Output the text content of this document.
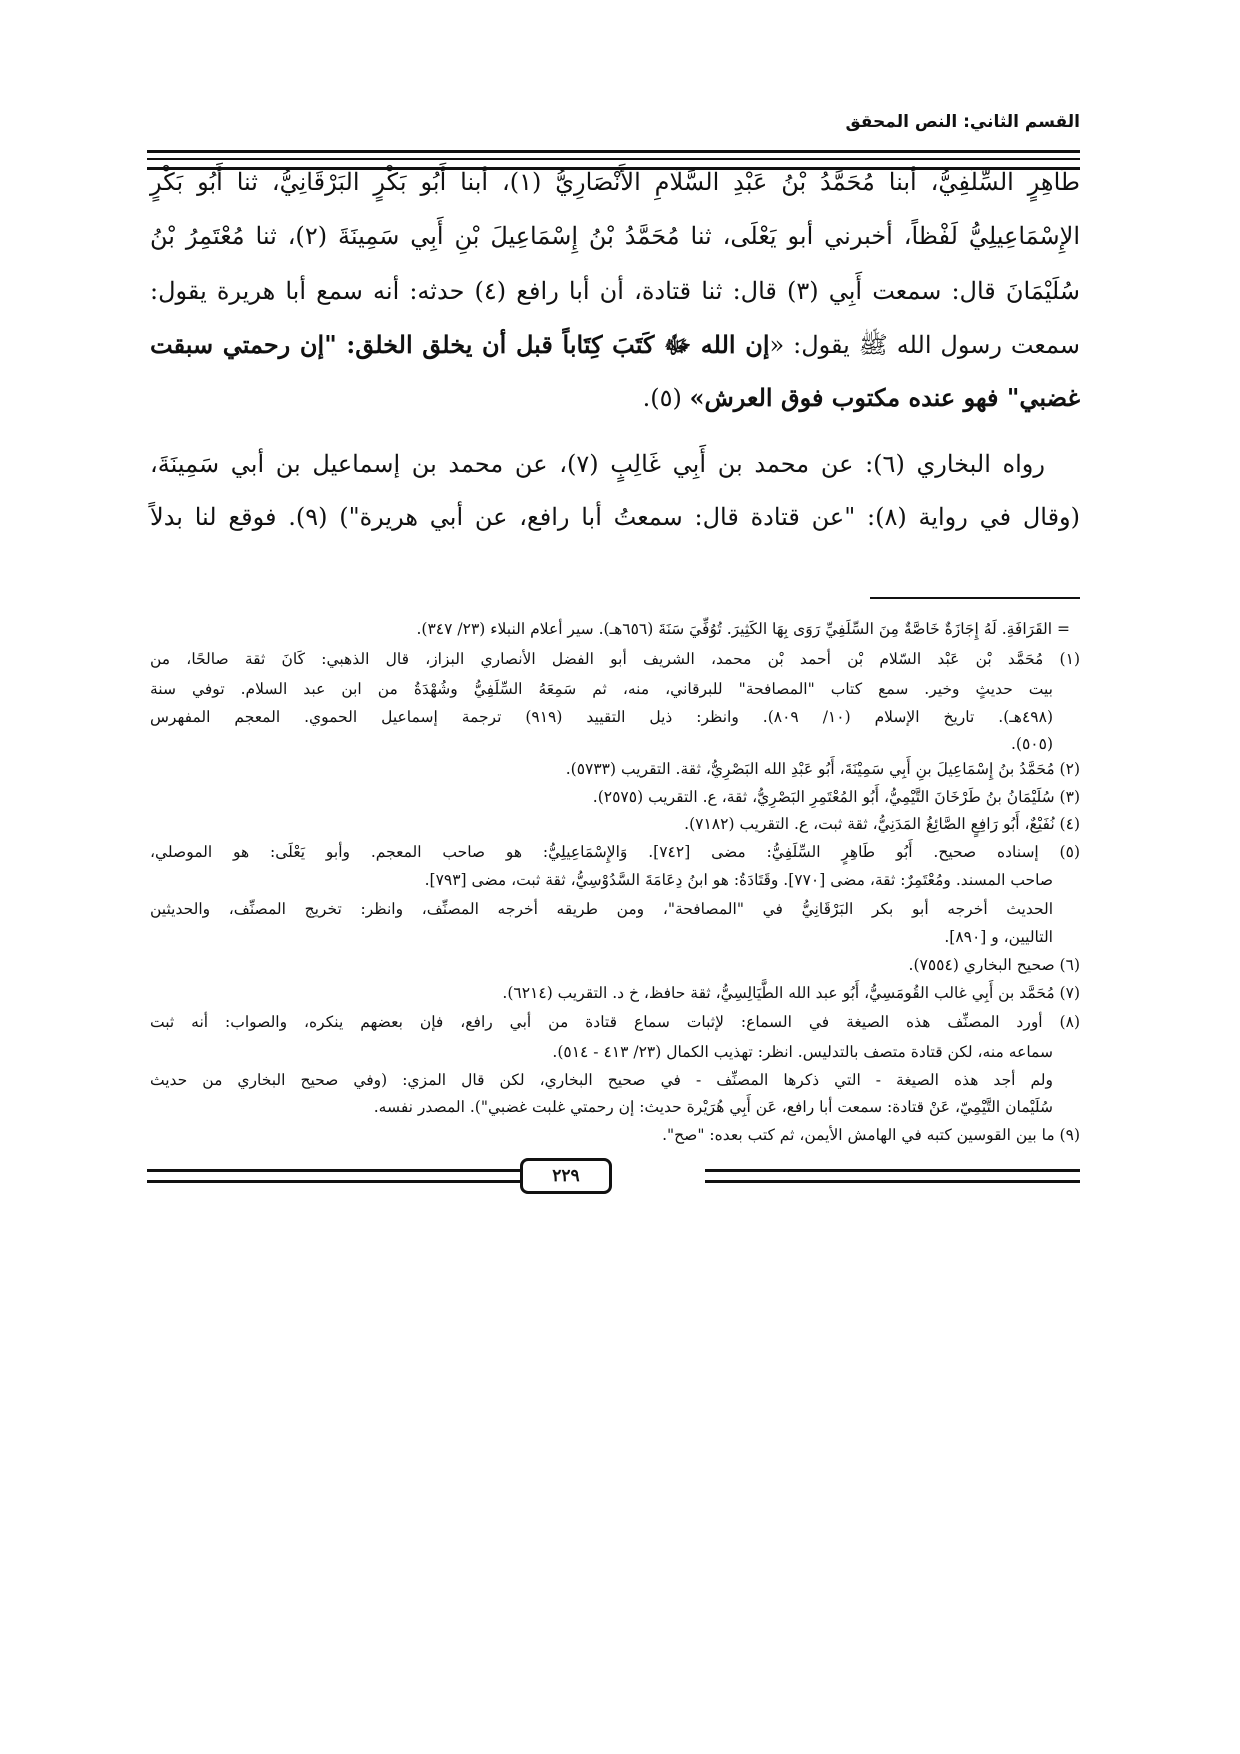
القسم الثاني: النص المحقق
طَاهِرٍ السِّلَفِيُّ، أبنا مُحَمَّدُ بْنُ عَبْدِ السَّلَامِ الأَنْصَارِيُّ (١)، أبنا أَبُو بَكْرٍ البَرْقَانِيُّ، ثنا أَبُو بَكْرٍ
الإِسْمَاعِيلِيُّ لَفْظاً، أخبرني أبو يَعْلَى، ثنا مُحَمَّدُ بْنُ إِسْمَاعِيلَ بْنِ أَبِي سَمِينَةَ (٢)، ثنا مُعْتَمِرُ بْنُ
سُلَيْمَانَ قال: سمعت أَبِي (٣) قال: ثنا قتادة، أن أبا رافع (٤) حدثه: أنه سمع أبا هريرة يقول:
سمعت رسول الله ﷺ يقول: «إن الله ﷻ كَتَبَ كِتَاباً قبل أن يخلق الخلق: "إن رحمتي سبقت
غضبي" فهو عنده مكتوب فوق العرش» (٥).
رواه البخاري (٦): عن محمد بن أَبِي غَالِبٍ (٧)، عن محمد بن إسماعيل بن أبي سَمِينَةَ،
(وقال في رواية (٨): "عن قتادة قال: سمعتُ أبا رافع، عن أبي هريرة") (٩). فوقع لنا بدلاً
= القَرَافَةِ. لَهُ إِجَازَةٌ خَاصَّةٌ مِنَ السِّلَفِيِّ رَوَى بِهَا الكَثِيرَ. تُوُفِّيَ سَنَةَ (٦٥٦هـ). سير أعلام النبلاء (٢٣/ ٣٤٧).
(١) مُحَمَّد بْن عَبْد السّلام بْن أحمد بْن محمد، الشريف أبو الفضل الأنصاري البزاز، قال الذهبي: كَانَ ثقة صالحًا، من
بيت حديثٍ وخير. سمع كتاب "المصافحة" للبرقاني، منه، ثم سَمِعَهُ السِّلَفِيُّ وشُهْدَةُ من ابن عبد السلام. توفي سنة
(٤٩٨هـ). تاريخ الإسلام (١٠/ ٨٠٩). وانظر: ذيل التقييد (٩١٩) ترجمة إسماعيل الحموي. المعجم المفهرس
(٥٠٥).
(٢) مُحَمَّدُ بنُ إِسْمَاعِيلَ بنِ أَبِي سَمِيْنَةَ، أَبُو عَبْدِ الله البَصْرِيُّ، ثقة. التقريب (٥٧٣٣).
(٣) سُلَيْمَانُ بنُ طَرْخَانَ التَّيْمِيُّ، أَبُو المُعْتَمِرِ البَصْرِيُّ، ثقة، ع. التقريب (٢٥٧٥).
(٤) نُفَيْعٌ، أَبُو رَافِعٍ الصَّائِغُ المَدَنِيُّ، ثقة ثبت، ع. التقريب (٧١٨٢).
(٥) إسناده صحيح. أَبُو طَاهِرٍ السِّلَفِيُّ: مضى [٧٤٢]. وَالإِسْمَاعِيلِيُّ: هو صاحب المعجم. وأبو يَعْلَى: هو الموصلي،
صاحب المسند. ومُعْتَمِرٌ: ثقة، مضى [٧٧٠]. وقَتَادَةُ: هو ابنُ دِعَامَةَ السَّدُوْسِيُّ، ثقة ثبت، مضى [٧٩٣].
الحديث أخرجه أبو بكر البَرْقَانِيُّ في "المصافحة"، ومن طريقه أخرجه المصنِّف، وانظر: تخريج المصنِّف، والحديثين
التاليين، و [٨٩٠].
(٦) صحيح البخاري (٧٥٥٤).
(٧) مُحَمَّد بن أَبِي غالب القُومَسِيُّ، أَبُو عبد الله الطَّيَالِسِيُّ، ثقة حافظ، خ د. التقريب (٦٢١٤).
(٨) أورد المصنِّف هذه الصيغة في السماع: لإثبات سماع قتادة من أبي رافع، فإن بعضهم ينكره، والصواب: أنه ثبت
سماعه منه، لكن قتادة متصف بالتدليس. انظر: تهذيب الكمال (٢٣/ ٤١٣ - ٥١٤).
ولم أجد هذه الصيغة - التي ذكرها المصنِّف - في صحيح البخاري، لكن قال المزي: (وفي صحيح البخاري من حديث
سُلَيْمان التَّيْمِيّ، عَنْ قتادة: سمعت أبا رافع، عَن أَبِي هُرَيْرة حديث: إن رحمتي غلبت غضبي"). المصدر نفسه.
(٩) ما بين القوسين كتبه في الهامش الأيمن، ثم كتب بعده: "صح".
٢٢٩
